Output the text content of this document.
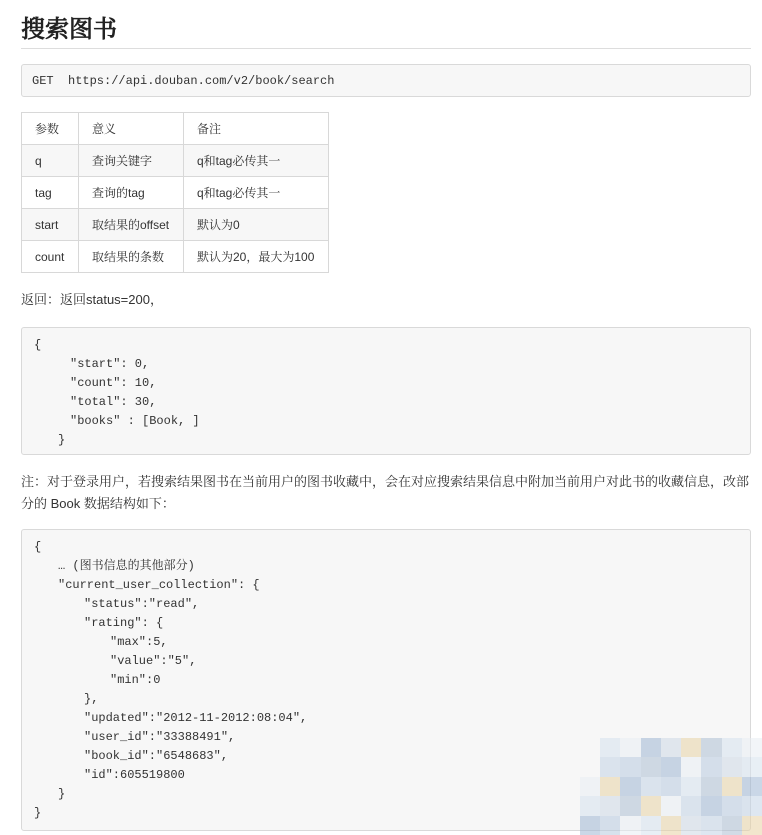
搜索图书
GET  https://api.douban.com/v2/book/search
参数	意义	备注
q	查询关键字	q和tag必传其一
tag	查询的tag	q和tag必传其一
start	取结果的offset	默认为0
count	取结果的条数	默认为20，最大为100

返回：返回status=200，

{
"start": 0,
"count": 10,
"total": 30,
"books" : [Book, ]
}

注：对于登录用户，若搜索结果图书在当前用户的图书收藏中，会在对应搜索结果信息中附加当前用户对此书的收藏信息，改部分的 Book 数据结构如下：

{
… (图书信息的其他部分)
"current_user_collection": {
"status":"read",
"rating": {
"max":5,
"value":"5",
"min":0
},
"updated":"2012-11-2012:08:04",
"user_id":"33388491",
"book_id":"6548683",
"id":605519800
}
}
